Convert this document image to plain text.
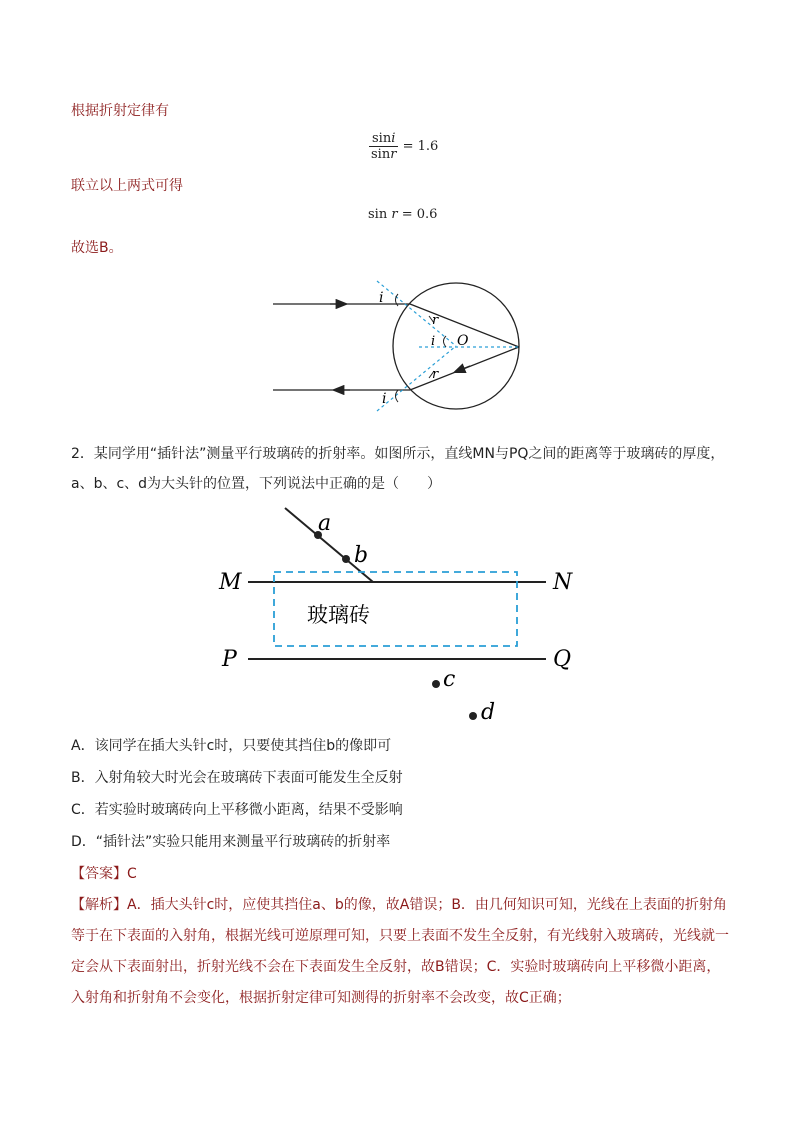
根据折射定律有
$\frac{\sin i}{\sin r} = 1.6$
联立以上两式可得
sin r = 0.6
故选B。
i
r
i O
r
i
2．某同学用“插针法”测量平行玻璃砖的折射率。如图所示，直线MN与PQ之间的距离等于玻璃砖的厚度，
a、b、c、d为大头针的位置，下列说法中正确的是（　　）
a
b
M	N
P	Q
c
d
玻璃砖
A．该同学在插大头针c时，只要使其挡住b的像即可
B．入射角较大时光会在玻璃砖下表面可能发生全反射
C．若实验时玻璃砖向上平移微小距离，结果不受影响
D．“插针法”实验只能用来测量平行玻璃砖的折射率
【答案】C
【解析】A．插大头针c时，应使其挡住a、b的像，故A错误；B．由几何知识可知，光线在上表面的折射角等于在下表面的入射角，根据光线可逆原理可知，只要上表面不发生全反射，有光线射入玻璃砖，光线就一定会从下表面射出，折射光线不会在下表面发生全反射，故B错误；C．实验时玻璃砖向上平移微小距离，入射角和折射角不会变化，根据折射定律可知测得的折射率不会改变，故C正确；
